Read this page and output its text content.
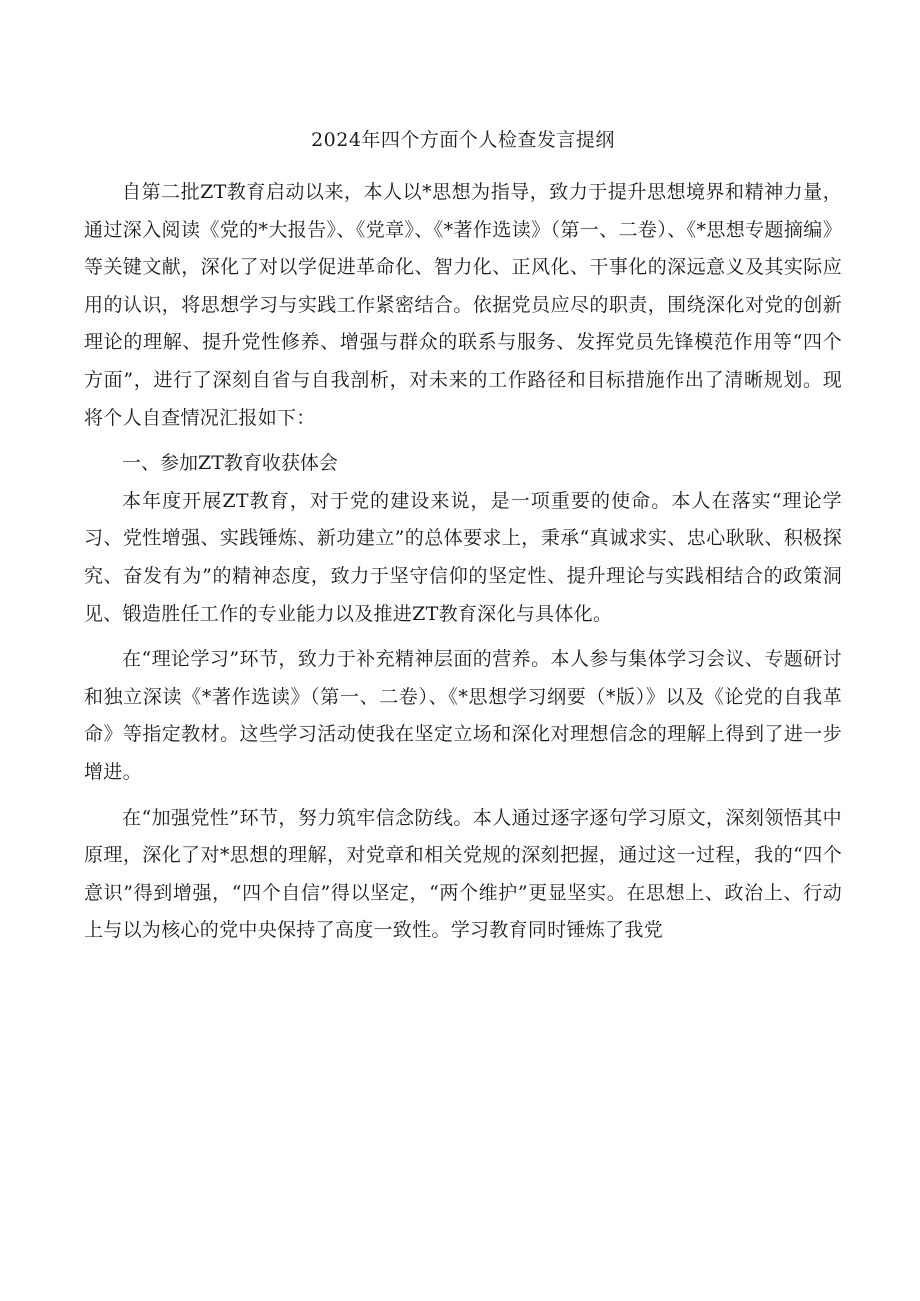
2024年四个方面个人检查发言提纲

自第二批ZT教育启动以来，本人以*思想为指导，致力于提升思想境界和精神力量，通过深入阅读《党的*大报告》、《党章》、《*著作选读》（第一、二卷）、《*思想专题摘编》等关键文献，深化了对以学促进革命化、智力化、正风化、干事化的深远意义及其实际应用的认识，将思想学习与实践工作紧密结合。依据党员应尽的职责，围绕深化对党的创新理论的理解、提升党性修养、增强与群众的联系与服务、发挥党员先锋模范作用等“四个方面”，进行了深刻自省与自我剖析，对未来的工作路径和目标措施作出了清晰规划。现将个人自查情况汇报如下：

一、参加ZT教育收获体会

本年度开展ZT教育，对于党的建设来说，是一项重要的使命。本人在落实“理论学习、党性增强、实践锤炼、新功建立”的总体要求上，秉承“真诚求实、忠心耿耿、积极探究、奋发有为”的精神态度，致力于坚守信仰的坚定性、提升理论与实践相结合的政策洞见、锻造胜任工作的专业能力以及推进ZT教育深化与具体化。

在“理论学习”环节，致力于补充精神层面的营养。本人参与集体学习会议、专题研讨和独立深读《*著作选读》（第一、二卷）、《*思想学习纲要（*版）》以及《论党的自我革命》等指定教材。这些学习活动使我在坚定立场和深化对理想信念的理解上得到了进一步增进。

在“加强党性”环节，努力筑牢信念防线。本人通过逐字逐句学习原文，深刻领悟其中原理，深化了对*思想的理解，对党章和相关党规的深刻把握，通过这一过程，我的“四个意识”得到增强，“四个自信”得以坚定，“两个维护”更显坚实。在思想上、政治上、行动上与以为核心的党中央保持了高度一致性。学习教育同时锤炼了我党
